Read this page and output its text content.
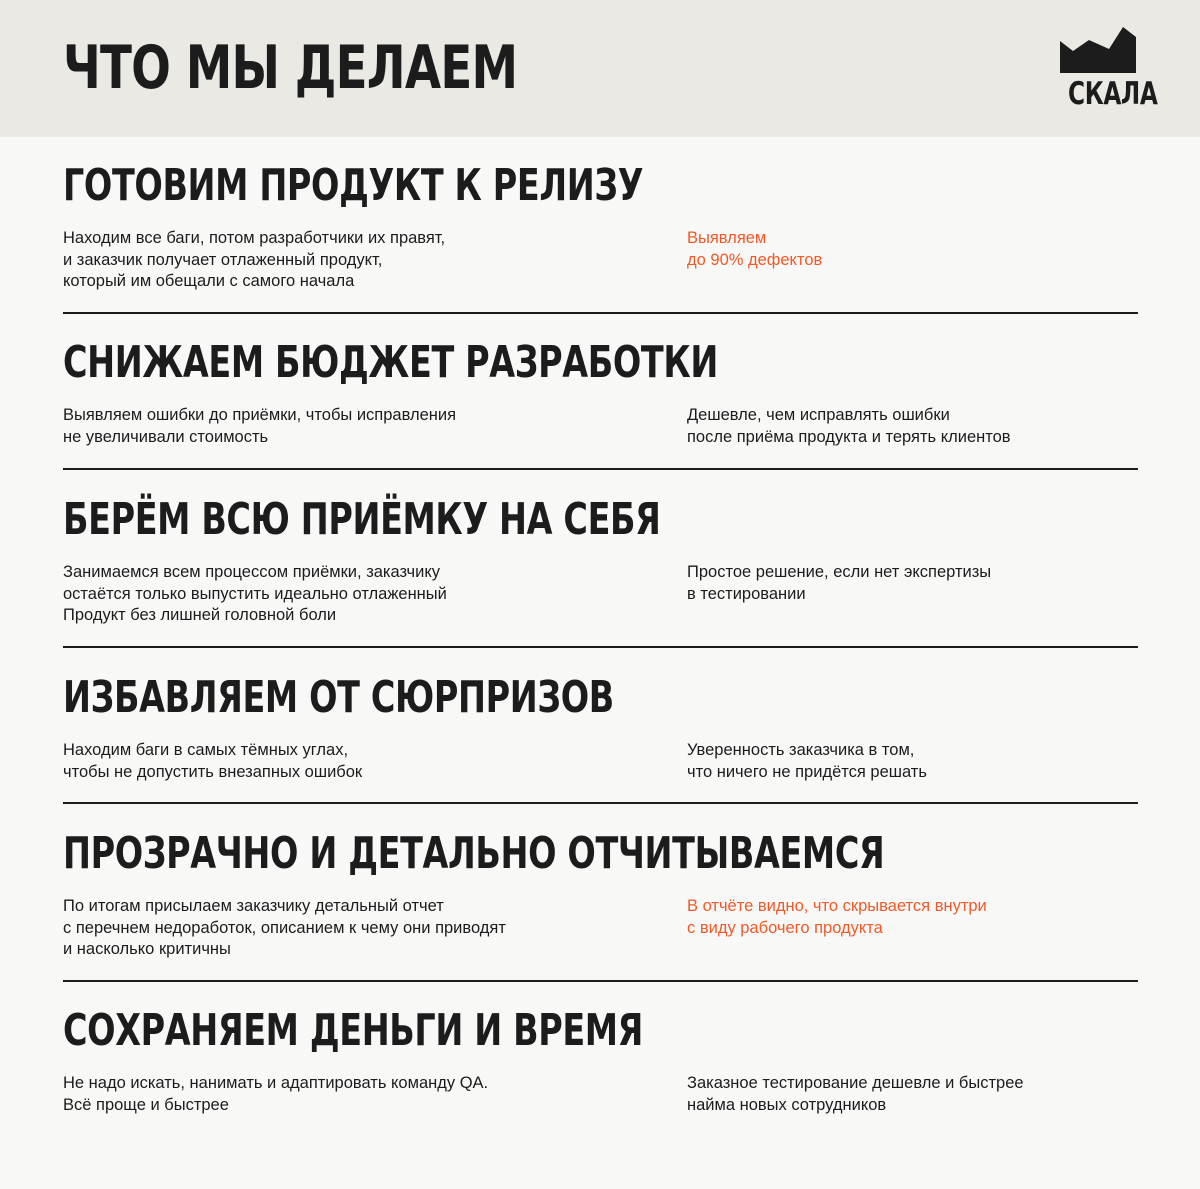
ЧТО МЫ ДЕЛАЕМ	СКАЛА
ГОТОВИМ ПРОДУКТ К РЕЛИЗУ

Находим все баги, потом разработчики их правят,
и заказчик получает отлаженный продукт,
который им обещали с самого начала

Выявляем
до 90% дефектов

СНИЖАЕМ БЮДЖЕТ РАЗРАБОТКИ

Выявляем ошибки до приёмки, чтобы исправления
не увеличивали стоимость

Дешевле, чем исправлять ошибки
после приёма продукта и терять клиентов

БЕРЁМ ВСЮ ПРИЁМКУ НА СЕБЯ

Занимаемся всем процессом приёмки, заказчику
остаётся только выпустить идеально отлаженный
Продукт без лишней головной боли

Простое решение, если нет экспертизы
в тестировании

ИЗБАВЛЯЕМ ОТ СЮРПРИЗОВ

Находим баги в самых тёмных углах,
чтобы не допустить внезапных ошибок

Уверенность заказчика в том,
что ничего не придётся решать

ПРОЗРАЧНО И ДЕТАЛЬНО ОТЧИТЫВАЕМСЯ

По итогам присылаем заказчику детальный отчет
с перечнем недоработок, описанием к чему они приводят
и насколько критичны

В отчёте видно, что скрывается внутри
с виду рабочего продукта

СОХРАНЯЕМ ДЕНЬГИ И ВРЕМЯ

Не надо искать, нанимать и адаптировать команду QA.
Всё проще и быстрее

Заказное тестирование дешевле и быстрее
найма новых сотрудников
